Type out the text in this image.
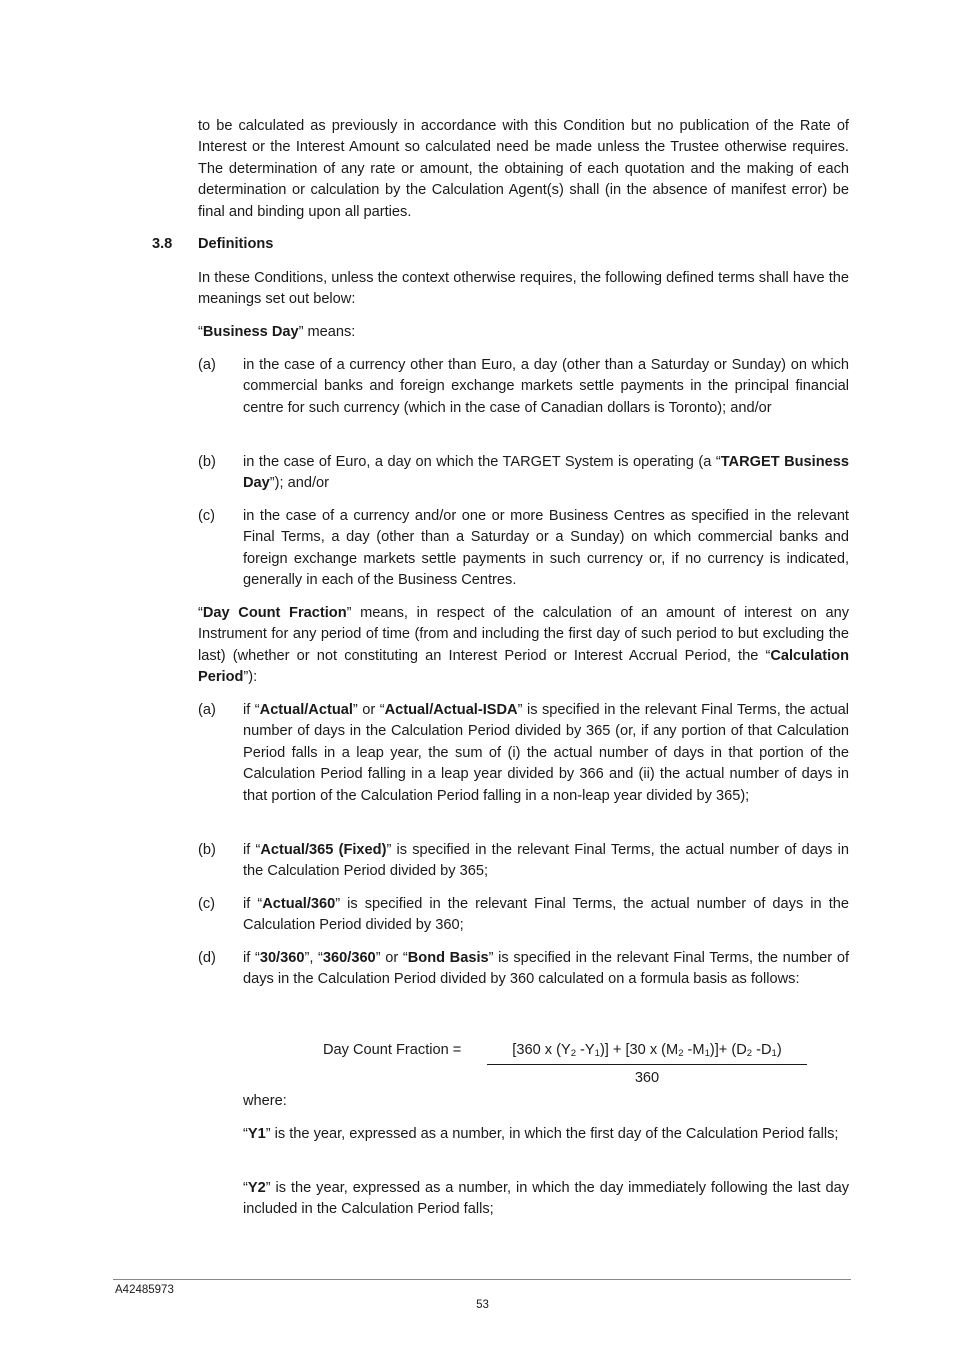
to be calculated as previously in accordance with this Condition but no publication of the Rate of Interest or the Interest Amount so calculated need be made unless the Trustee otherwise requires. The determination of any rate or amount, the obtaining of each quotation and the making of each determination or calculation by the Calculation Agent(s) shall (in the absence of manifest error) be final and binding upon all parties.

3.8 Definitions

In these Conditions, unless the context otherwise requires, the following defined terms shall have the meanings set out below:

“Business Day” means:

(a) in the case of a currency other than Euro, a day (other than a Saturday or Sunday) on which commercial banks and foreign exchange markets settle payments in the principal financial centre for such currency (which in the case of Canadian dollars is Toronto); and/or

(b) in the case of Euro, a day on which the TARGET System is operating (a “TARGET Business Day”); and/or

(c) in the case of a currency and/or one or more Business Centres as specified in the relevant Final Terms, a day (other than a Saturday or a Sunday) on which commercial banks and foreign exchange markets settle payments in such currency or, if no currency is indicated, generally in each of the Business Centres.

“Day Count Fraction” means, in respect of the calculation of an amount of interest on any Instrument for any period of time (from and including the first day of such period to but excluding the last) (whether or not constituting an Interest Period or Interest Accrual Period, the “Calculation Period”):

(a) if “Actual/Actual” or “Actual/Actual-ISDA” is specified in the relevant Final Terms, the actual number of days in the Calculation Period divided by 365 (or, if any portion of that Calculation Period falls in a leap year, the sum of (i) the actual number of days in that portion of the Calculation Period falling in a leap year divided by 366 and (ii) the actual number of days in that portion of the Calculation Period falling in a non-leap year divided by 365);

(b) if “Actual/365 (Fixed)” is specified in the relevant Final Terms, the actual number of days in the Calculation Period divided by 365;

(c) if “Actual/360” is specified in the relevant Final Terms, the actual number of days in the Calculation Period divided by 360;

(d) if “30/360”, “360/360” or “Bond Basis” is specified in the relevant Final Terms, the number of days in the Calculation Period divided by 360 calculated on a formula basis as follows:

Day Count Fraction =	[360 x ($Y_2$ $-Y_1)] + [30$ x ($M_2$ $-M_1)]+ (D_2$ $-D_1$)
360

where:

“Y1” is the year, expressed as a number, in which the first day of the Calculation Period falls;

“Y2” is the year, expressed as a number, in which the day immediately following the last day included in the Calculation Period falls;

A42485973
53
